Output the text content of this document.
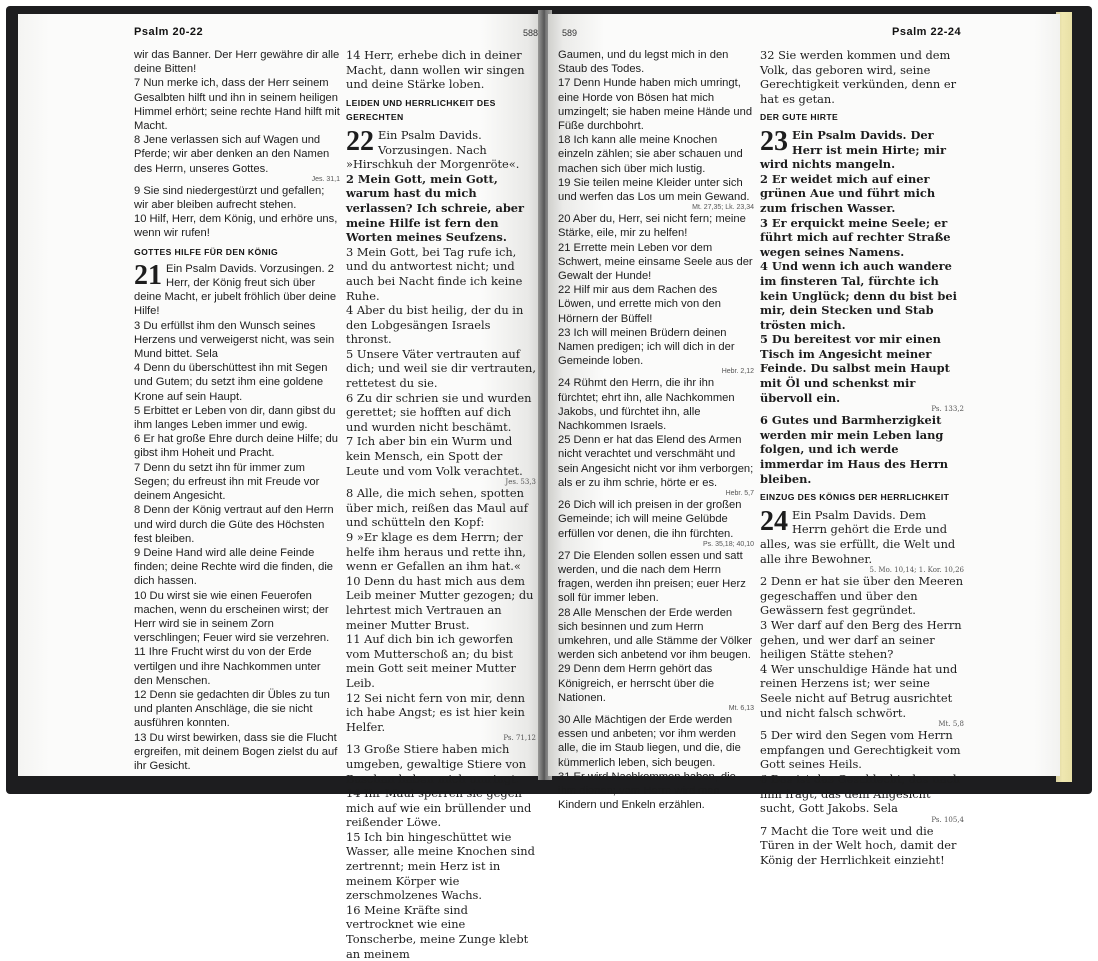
Psalm 20-22	588

wir das Banner. Der Herr gewähre dir alle deine Bitten!

7 Nun merke ich, dass der Herr seinem Gesalbten hilft und ihn in seinem heiligen Himmel erhört; seine rechte Hand hilft mit Macht.

8 Jene verlassen sich auf Wagen und Pferde; wir aber denken an den Namen des Herrn, unseres Gottes.

Jes. 31,1

9 Sie sind niedergestürzt und gefallen; wir aber bleiben aufrecht stehen.

10 Hilf, Herr, dem König, und erhöre uns, wenn wir rufen!

GOTTES HILFE FÜR DEN KÖNIG

21 Ein Psalm Davids. Vorzusingen. 2 Herr, der König freut sich über deine Macht, er jubelt fröhlich über deine Hilfe!

3 Du erfüllst ihm den Wunsch seines Herzens und verweigerst nicht, was sein Mund bittet. Sela

4 Denn du überschüttest ihn mit Segen und Gutem; du setzt ihm eine goldene Krone auf sein Haupt.

5 Erbittet er Leben von dir, dann gibst du ihm langes Leben immer und ewig.

6 Er hat große Ehre durch deine Hilfe; du gibst ihm Hoheit und Pracht.

7 Denn du setzt ihn für immer zum Segen; du erfreust ihn mit Freude vor deinem Angesicht.

8 Denn der König vertraut auf den Herrn und wird durch die Güte des Höchsten fest bleiben.

9 Deine Hand wird alle deine Feinde finden; deine Rechte wird die finden, die dich hassen.

10 Du wirst sie wie einen Feuerofen machen, wenn du erscheinen wirst; der Herr wird sie in seinem Zorn verschlingen; Feuer wird sie verzehren.

11 Ihre Frucht wirst du von der Erde vertilgen und ihre Nachkommen unter den Menschen.

12 Denn sie gedachten dir Übles zu tun und planten Anschläge, die sie nicht ausführen konnten.

13 Du wirst bewirken, dass sie die Flucht ergreifen, mit deinem Bogen zielst du auf ihr Gesicht.

14 Herr, erhebe dich in deiner Macht, dann wollen wir singen und deine Stärke loben.

LEIDEN UND HERRLICHKEIT DES GERECHTEN

22 Ein Psalm Davids. Vorzusingen. Nach »Hirschkuh der Morgenröte«.

2 Mein Gott, mein Gott, warum hast du mich verlassen? Ich schreie, aber meine Hilfe ist fern den Worten meines Seufzens.

3 Mein Gott, bei Tag rufe ich, und du antwortest nicht; und auch bei Nacht finde ich keine Ruhe.

4 Aber du bist heilig, der du in den Lobgesängen Israels thronst.

5 Unsere Väter vertrauten auf dich; und weil sie dir vertrauten, rettetest du sie.

6 Zu dir schrien sie und wurden gerettet; sie hofften auf dich und wurden nicht beschämt.

7 Ich aber bin ein Wurm und kein Mensch, ein Spott der Leute und vom Volk verachtet.

Jes. 53,3

8 Alle, die mich sehen, spotten über mich, reißen das Maul auf und schütteln den Kopf:

9 »Er klage es dem Herrn; der helfe ihm heraus und rette ihn, wenn er Gefallen an ihm hat.«

10 Denn du hast mich aus dem Leib meiner Mutter gezogen; du lehrtest mich Vertrauen an meiner Mutter Brust.

11 Auf dich bin ich geworfen vom Mutterschoß an; du bist mein Gott seit meiner Mutter Leib.

12 Sei nicht fern von mir, denn ich habe Angst; es ist hier kein Helfer.

Ps. 71,12

13 Große Stiere haben mich umgeben, gewaltige Stiere von Baschan haben mich umringt.

14 Ihr Maul sperren sie gegen mich auf wie ein brüllender und reißender Löwe.

15 Ich bin hingeschüttet wie Wasser, alle meine Knochen sind zertrennt; mein Herz ist in meinem Körper wie zerschmolzenes Wachs.

16 Meine Kräfte sind vertrocknet wie eine Tonscherbe, meine Zunge klebt an meinem

589	Psalm 22-24

Gaumen, und du legst mich in den Staub des Todes.

17 Denn Hunde haben mich umringt, eine Horde von Bösen hat mich umzingelt; sie haben meine Hände und Füße durchbohrt.

18 Ich kann alle meine Knochen einzeln zählen; sie aber schauen und machen sich über mich lustig.

19 Sie teilen meine Kleider unter sich und werfen das Los um mein Gewand.

Mt. 27,35; Lk. 23,34

20 Aber du, Herr, sei nicht fern; meine Stärke, eile, mir zu helfen!

21 Errette mein Leben vor dem Schwert, meine einsame Seele aus der Gewalt der Hunde!

22 Hilf mir aus dem Rachen des Löwen, und errette mich von den Hörnern der Büffel!

23 Ich will meinen Brüdern deinen Namen predigen; ich will dich in der Gemeinde loben.

Hebr. 2,12

24 Rühmt den Herrn, die ihr ihn fürchtet; ehrt ihn, alle Nachkommen Jakobs, und fürchtet ihn, alle Nachkommen Israels.

25 Denn er hat das Elend des Armen nicht verachtet und verschmäht und sein Angesicht nicht vor ihm verborgen; als er zu ihm schrie, hörte er es.

Hebr. 5,7

26 Dich will ich preisen in der großen Gemeinde; ich will meine Gelübde erfüllen vor denen, die ihn fürchten.

Ps. 35,18; 40,10

27 Die Elenden sollen essen und satt werden, und die nach dem Herrn fragen, werden ihn preisen; euer Herz soll für immer leben.

28 Alle Menschen der Erde werden sich besinnen und zum Herrn umkehren, und alle Stämme der Völker werden sich anbetend vor ihm beugen.

29 Denn dem Herrn gehört das Königreich, er herrscht über die Nationen.

Mt. 6,13

30 Alle Mächtigen der Erde werden essen und anbeten; vor ihm werden alle, die im Staub liegen, und die, die kümmerlich leben, sich beugen.

31 Er wird Nachkommen haben, die ihm dienen; vom Herrn wird man Kindern und Enkeln erzählen.

32 Sie werden kommen und dem Volk, das geboren wird, seine Gerechtigkeit verkünden, denn er hat es getan.

DER GUTE HIRTE

23 Ein Psalm Davids. Der Herr ist mein Hirte; mir wird nichts mangeln.

2 Er weidet mich auf einer grünen Aue und führt mich zum frischen Wasser.

3 Er erquickt meine Seele; er führt mich auf rechter Straße wegen seines Namens.

4 Und wenn ich auch wandere im finsteren Tal, fürchte ich kein Unglück; denn du bist bei mir, dein Stecken und Stab trösten mich.

5 Du bereitest vor mir einen Tisch im Angesicht meiner Feinde. Du salbst mein Haupt mit Öl und schenkst mir übervoll ein.

Ps. 133,2

6 Gutes und Barmherzigkeit werden mir mein Leben lang folgen, und ich werde immerdar im Haus des Herrn bleiben.

EINZUG DES KÖNIGS DER HERRLICHKEIT

24 Ein Psalm Davids. Dem Herrn gehört die Erde und alles, was sie erfüllt, die Welt und alle ihre Bewohner.

5. Mo. 10,14; 1. Kor. 10,26

2 Denn er hat sie über den Meeren gegeschaffen und über den Gewässern fest gegründet.

3 Wer darf auf den Berg des Herrn gehen, und wer darf an seiner heiligen Stätte stehen?

4 Wer unschuldige Hände hat und reinen Herzens ist; wer seine Seele nicht auf Betrug ausrichtet und nicht falsch schwört.

Mt. 5,8

5 Der wird den Segen vom Herrn empfangen und Gerechtigkeit vom Gott seines Heils.

6 Das ist das Geschlecht, das nach ihm fragt, das dein Angesicht sucht, Gott Jakobs. Sela

Ps. 105,4

7 Macht die Tore weit und die Türen in der Welt hoch, damit der König der Herrlichkeit einzieht!
